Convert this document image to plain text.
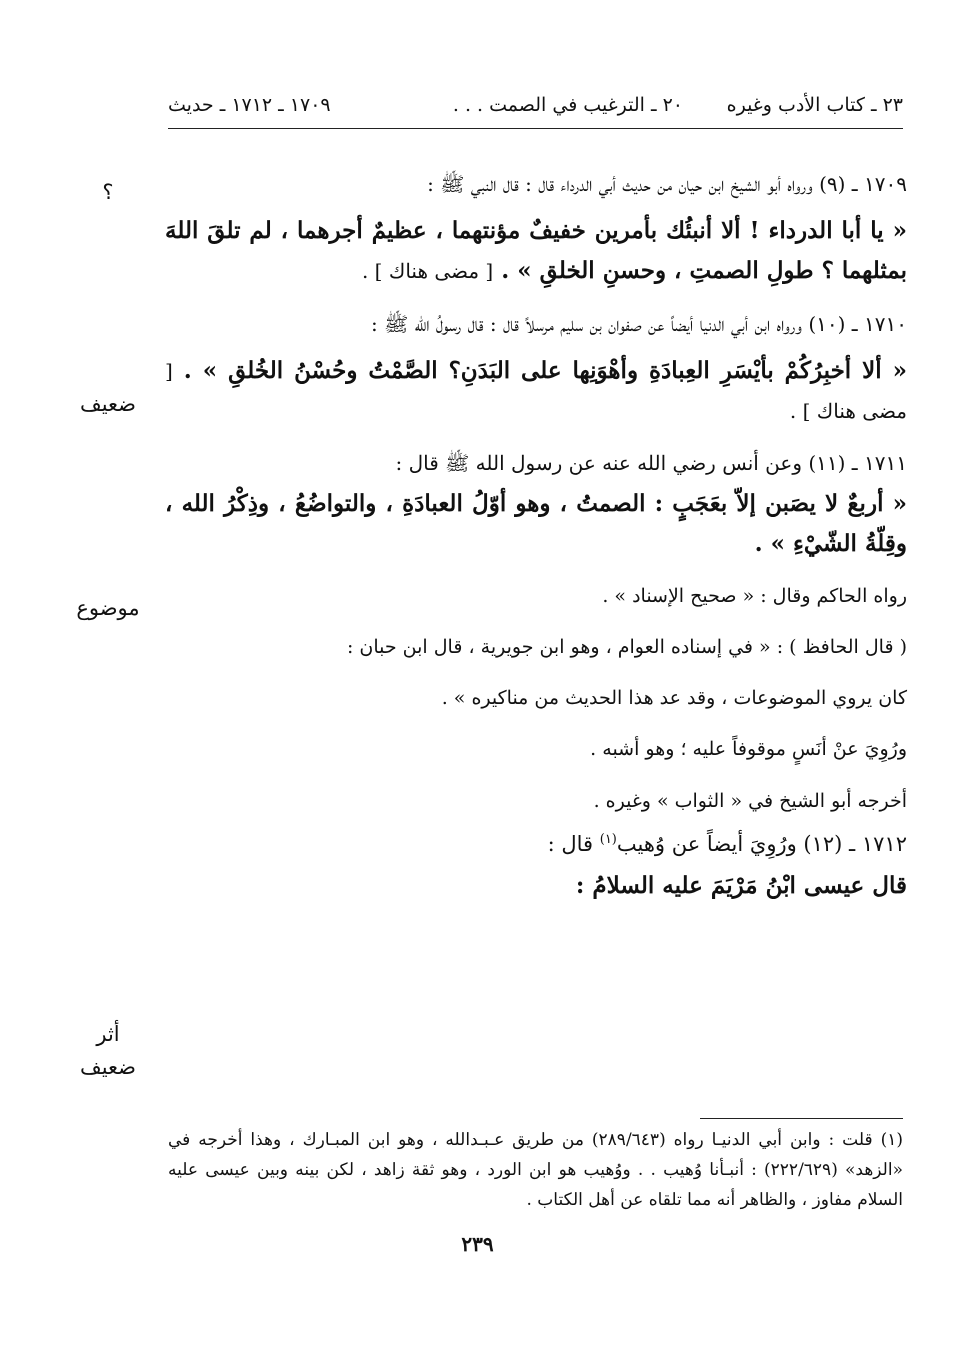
٢٣ ـ كتاب الأدب وغيره
٢٠ ـ الترغيب في الصمت . . .
١٧٠٩ ـ ١٧١٢ ـ حديث
؟
ضعيف
موضوع
أثر
ضعيف

١٧٠٩ ـ (٩) ورواه أبو الشيخ ابن حيان من حديث أبي الدرداء قال : قال النبي ﷺ :

« يا أبا الدرداء ! ألا أنبئُك بأمرين خفيفٌ مؤنتهما ، عظيمٌ أجرهما ، لم تلقَ اللهَ بمثلهما ؟ طولِ الصمتِ ، وحسنِ الخلقِ » . [ مضى هناك ] .

١٧١٠ ـ (١٠) ورواه ابن أبي الدنيا أيضاً عن صفوان بن سليم مرسلاً قال : قال رسولُ الله ﷺ :

« ألا أخبِرُكُمْ بأيْسَرِ العِبادَةِ وأهْوَنِها على البَدَنِ؟ الصَّمْتُ وحُسْنُ الخُلقِ » . [ مضى هناك ] .

١٧١١ ـ (١١) وعن أنس رضي الله عنه عن رسول الله ﷺ قال :

« أربعٌ لا يصَبن إلاّ بعَجَبٍ : الصمتُ ، وهو أوّلُ العبادَةِ ، والتواضُعُ ، وذِكْرُ الله ، وقِلّةُ الشّيْءِ » .

رواه الحاكم وقال : « صحيح الإسناد » .

( قال الحافظ ) : « في إسناده العوام ، وهو ابن جويرية ، قال ابن حبان :

كان يروي الموضوعات ، وقد عد هذا الحديث من مناكيره » .

ورُوِيَ عنْ أنَسٍ موقوفاً عليه ؛ وهو أشبه .

أخرجه أبو الشيخ في « الثواب » وغيره .

١٧١٢ ـ (١٢) ورُوِيَ أيضاً عن وُهيب$^{(١)}$ قال :

قال عيسى ابْنُ مَرْيَمَ عليه السلامُ :

(١) قلت : وابن أبي الدنيـا رواه (٢٨٩/٦٤٣) من طريق عـبـدالله ، وهو ابن المبـارك ، وهذا أخرجه في «الزهد» (٢٢٢/٦٢٩) : أنبـأنا وُهيب . . ووُهيب هو ابن الورد ، وهو ثقة زاهد ، لكن بينه وبين عيسى عليه السلام مفاوز ، والظاهر أنه مما تلقاه عن أهل الكتاب .
٢٣٩
